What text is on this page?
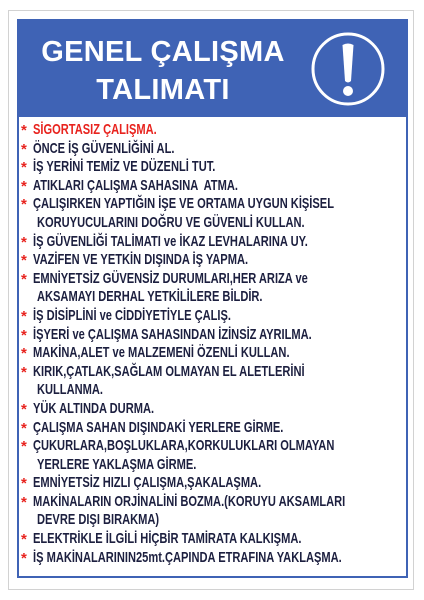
GENEL ÇALIŞMA
TALIMATI
* SİGORTASIZ ÇALIŞMA.
* ÖNCE İŞ GÜVENLİĞİNİ AL.
* İŞ YERİNİ TEMİZ VE DÜZENLİ TUT.
* ATIKLARI ÇALIŞMA SAHASINA  ATMA.
* ÇALIŞIRKEN YAPTIĞIN İŞE VE ORTAMA UYGUN KİŞİSEL
KORUYUCULARINI DOĞRU VE GÜVENLİ KULLAN.
* İŞ GÜVENLİĞİ TALİMATI ve İKAZ LEVHALARINA UY.
* VAZİFEN VE YETKİN DIŞINDA İŞ YAPMA.
* EMNİYETSİZ GÜVENSİZ DURUMLARI,HER ARIZA ve
AKSAMAYI DERHAL YETKİLİLERE BİLDİR.
* İŞ DİSİPLİNİ ve CİDDİYETİYLE ÇALIŞ.
* İŞYERİ ve ÇALIŞMA SAHASINDAN İZİNSİZ AYRILMA.
* MAKİNA,ALET ve MALZEMENİ ÖZENLİ KULLAN.
* KIRIK,ÇATLAK,SAĞLAM OLMAYAN EL ALETLERİNİ
KULLANMA.
* YÜK ALTINDA DURMA.
* ÇALIŞMA SAHAN DIŞINDAKİ YERLERE GİRME.
* ÇUKURLARA,BOŞLUKLARA,KORKULUKLARI OLMAYAN
YERLERE YAKLAŞMA GİRME.
* EMNİYETSİZ HIZLI ÇALIŞMA,ŞAKALAŞMA.
* MAKİNALARIN ORJİNALİNİ BOZMA.(KORUYU AKSAMLARI
DEVRE DIŞI BIRAKMA)
* ELEKTRİKLE İLGİLİ HİÇBİR TAMİRATA KALKIŞMA.
* İŞ MAKİNALARININ25mt.ÇAPINDA ETRAFINA YAKLAŞMA.
